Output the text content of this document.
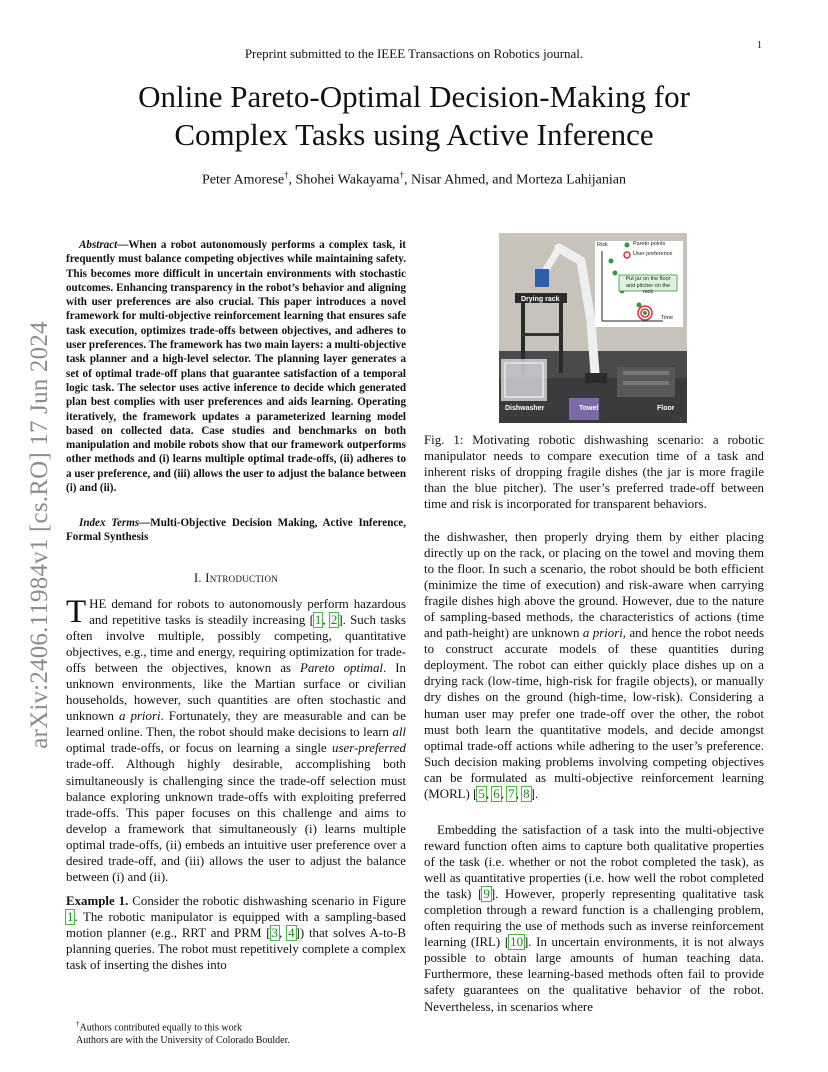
Preprint submitted to the IEEE Transactions on Robotics journal.
1
Online Pareto-Optimal Decision-Making for
Complex Tasks using Active Inference
Peter Amorese†, Shohei Wakayama†, Nisar Ahmed, and Morteza Lahijanian
arXiv:2406.11984v1 [cs.RO] 17 Jun 2024
Abstract—When a robot autonomously performs a complex task, it frequently must balance competing objectives while maintaining safety. This becomes more difficult in uncertain environments with stochastic outcomes. Enhancing transparency in the robot’s behavior and aligning with user preferences are also crucial. This paper introduces a novel framework for multi-objective reinforcement learning that ensures safe task execution, optimizes trade-offs between objectives, and adheres to user preferences. The framework has two main layers: a multi-objective task planner and a high-level selector. The planning layer generates a set of optimal trade-off plans that guarantee satisfaction of a temporal logic task. The selector uses active inference to decide which generated plan best complies with user preferences and aids learning. Operating iteratively, the framework updates a parameterized learning model based on collected data. Case studies and benchmarks on both manipulation and mobile robots show that our framework outperforms other methods and (i) learns multiple optimal trade-offs, (ii) adheres to a user preference, and (iii) allows the user to adjust the balance between (i) and (ii).
Index Terms—Multi-Objective Decision Making, Active Inference, Formal Synthesis
I. Introduction
THE demand for robots to autonomously perform hazardous and repetitive tasks is steadily increasing [1, 2]. Such tasks often involve multiple, possibly competing, quantitative objectives, e.g., time and energy, requiring optimization for trade-offs between the objectives, known as Pareto optimal. In unknown environments, like the Martian surface or civilian households, however, such quantities are often stochastic and unknown a priori. Fortunately, they are measurable and can be learned online. Then, the robot should make decisions to learn all optimal trade-offs, or focus on learning a single user-preferred trade-off. Although highly desirable, accomplishing both simultaneously is challenging since the trade-off selection must balance exploring unknown trade-offs with exploiting preferred trade-offs. This paper focuses on this challenge and aims to develop a framework that simultaneously (i) learns multiple optimal trade-offs, (ii) embeds an intuitive user preference over a desired trade-off, and (iii) allows the user to adjust the balance between (i) and (ii).
Example 1. Consider the robotic dishwashing scenario in Figure 1. The robotic manipulator is equipped with a sampling-based motion planner (e.g., RRT and PRM [3, 4]) that solves A-to-B planning queries. The robot must repetitively complete a complex task of inserting the dishes into

†Authors contributed equally to this work

Authors are with the University of Colorado Boulder.

↕
Risk
Time
Pareto points
User preference
Put jar on the floor and pitcher on the rack
Drying rack
Dishwasher	Towel	Floor
Fig. 1: Motivating robotic dishwashing scenario: a robotic manipulator needs to compare execution time of a task and inherent risks of dropping fragile dishes (the jar is more fragile than the blue pitcher). The user’s preferred trade-off between time and risk is incorporated for transparent behaviors.
the dishwasher, then properly drying them by either placing directly up on the rack, or placing on the towel and moving them to the floor. In such a scenario, the robot should be both efficient (minimize the time of execution) and risk-aware when carrying fragile dishes high above the ground. However, due to the nature of sampling-based methods, the characteristics of actions (time and path-height) are unknown a priori, and hence the robot needs to construct accurate models of these quantities during deployment. The robot can either quickly place dishes up on a drying rack (low-time, high-risk for fragile objects), or manually dry dishes on the ground (high-time, low-risk). Considering a human user may prefer one trade-off over the other, the robot must both learn the quantitative models, and decide amongst optimal trade-off actions while adhering to the user’s preference. Such decision making problems involving competing objectives can be formulated as multi-objective reinforcement learning (MORL) [5, 6, 7, 8].
Embedding the satisfaction of a task into the multi-objective reward function often aims to capture both qualitative properties of the task (i.e. whether or not the robot completed the task), as well as quantitative properties (i.e. how well the robot completed the task) [9]. However, properly representing qualitative task completion through a reward function is a challenging problem, often requiring the use of methods such as inverse reinforcement learning (IRL) [10]. In uncertain environments, it is not always possible to obtain large amounts of human teaching data. Furthermore, these learning-based methods often fail to provide safety guarantees on the qualitative behavior of the robot. Nevertheless, in scenarios where
